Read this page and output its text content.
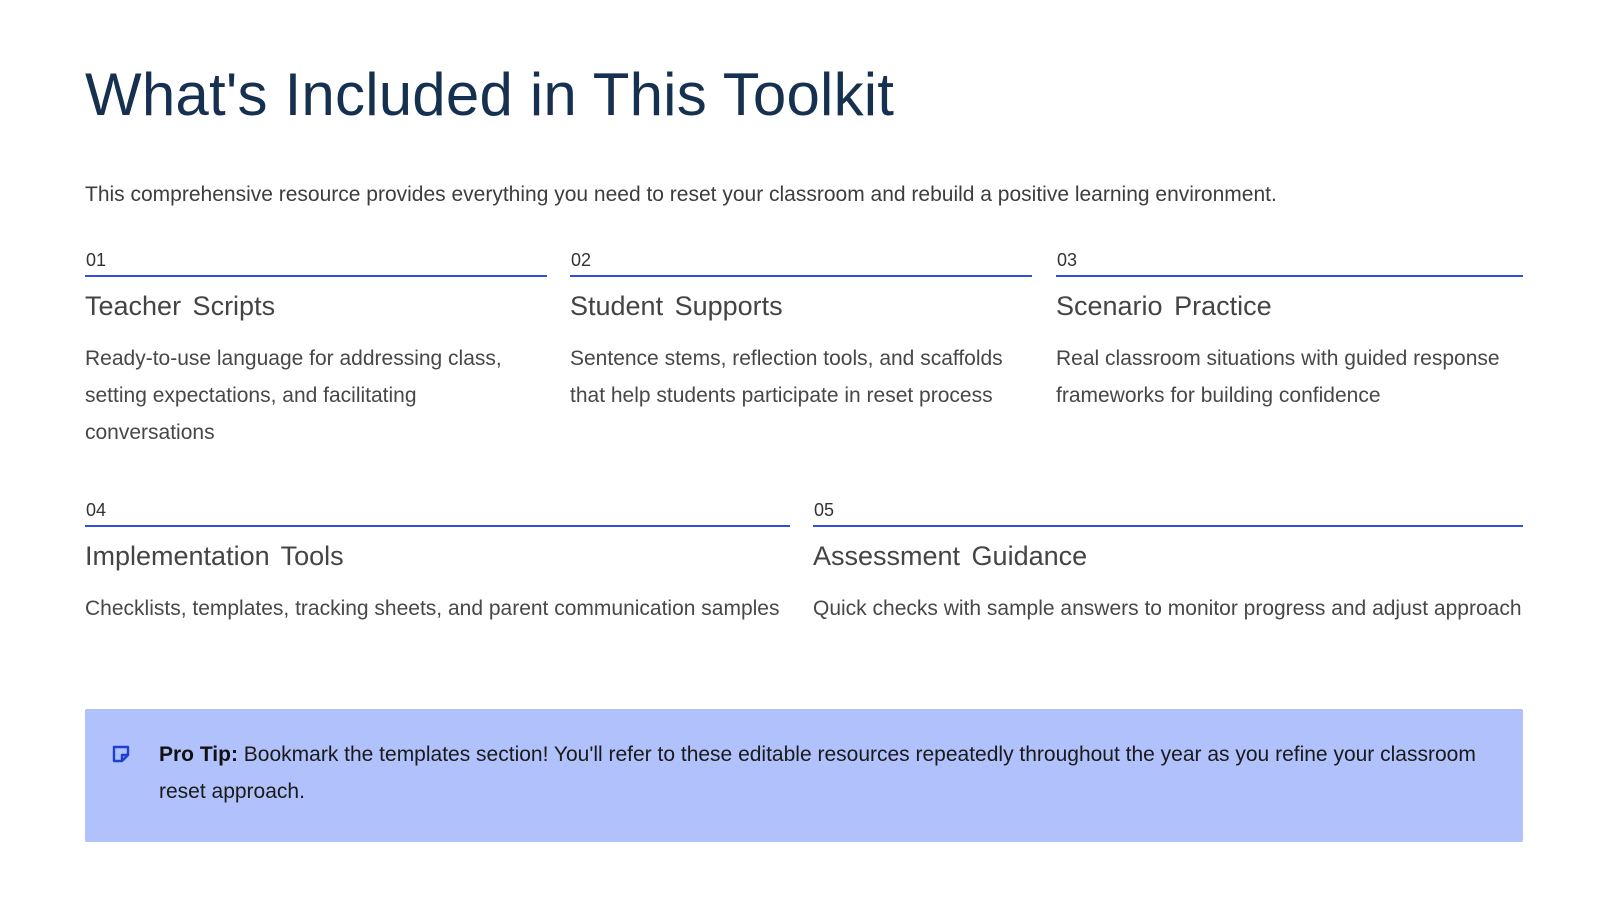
What's Included in This Toolkit

This comprehensive resource provides everything you need to reset your classroom and rebuild a positive learning environment.

01
Teacher Scripts
Ready-to-use language for addressing class, setting expectations, and facilitating conversations
02
Student Supports
Sentence stems, reflection tools, and scaffolds that help students participate in reset process
03
Scenario Practice
Real classroom situations with guided response frameworks for building confidence
04
Implementation Tools
Checklists, templates, tracking sheets, and parent communication samples
05
Assessment Guidance
Quick checks with sample answers to monitor progress and adjust approach
Pro Tip: Bookmark the templates section! You'll refer to these editable resources repeatedly throughout the year as you refine your classroom reset approach.
